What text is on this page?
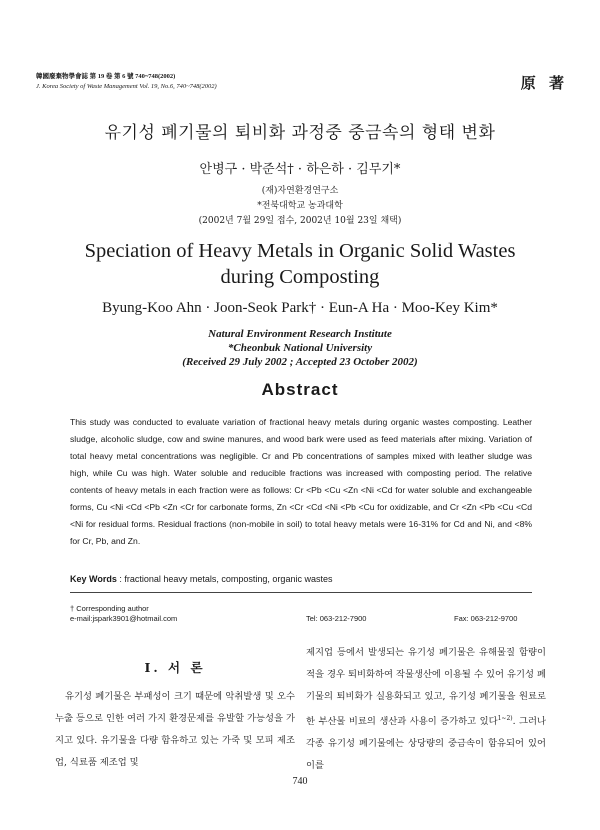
韓國廢棄物學會誌 第 19 卷 第 6 號 740~748(2002)
J. Korea Society of Waste Management Vol. 19, No.6, 740~748(2002)	原 著
유기성 폐기물의 퇴비화 과정중 중금속의 형태 변화
안병구 · 박준석† · 하은하 · 김무기*
(재)자연환경연구소
*전북대학교 농과대학
(2002년 7월 29일 접수, 2002년 10월 23일 채택)
Speciation of Heavy Metals in Organic Solid Wastes
during Composting
Byung-Koo Ahn · Joon-Seok Park† · Eun-A Ha · Moo-Key Kim*
Natural Environment Research Institute
*Cheonbuk National University
(Received 29 July 2002 ; Accepted 23 October 2002)
Abstract
This study was conducted to evaluate variation of fractional heavy metals during organic wastes composting. Leather sludge, alcoholic sludge, cow and swine manures, and wood bark were used as feed materials after mixing. Variation of total heavy metal concentrations was negligible. Cr and Pb concentrations of samples mixed with leather sludge was high, while Cu was high. Water soluble and reducible fractions was increased with composting period. The relative contents of heavy metals in each fraction were as follows: Cr <Pb <Cu <Zn <Ni <Cd for water soluble and exchangeable forms, Cu <Ni <Cd <Pb <Zn <Cr for carbonate forms, Zn <Cr <Cd <Ni <Pb <Cu for oxidizable, and Cr <Zn <Pb <Cu <Cd <Ni for residual forms. Residual fractions (non-mobile in soil) to total heavy metals were 16-31% for Cd and Ni, and <8% for Cr, Pb, and Zn.
Key Words : fractional heavy metals, composting, organic wastes
† Corresponding author
e-mail:jspark3901@hotmail.com	Tel: 063-212-7900	Fax: 063-212-9700
Ⅰ. 서 론
유기성 폐기물은 부패성이 크기 때문에 악취발생 및 오수누출 등으로 인한 여러 가지 환경문제를 유발할 가능성을 가지고 있다. 유기물을 다량 함유하고 있는 가죽 및 모피 제조업, 식료품 제조업 및
제지업 등에서 발생되는 유기성 폐기물은 유해물질 함량이 적을 경우 퇴비화하여 작물생산에 이용될 수 있어 유기성 폐기물의 퇴비화가 실용화되고 있고, 유기성 폐기물을 원료로 한 부산물 비료의 생산과 사용이 증가하고 있다$^{1\sim 2)}$. 그러나 각종 유기성 폐기물에는 상당량의 중금속이 함유되어 있어 이를
740
